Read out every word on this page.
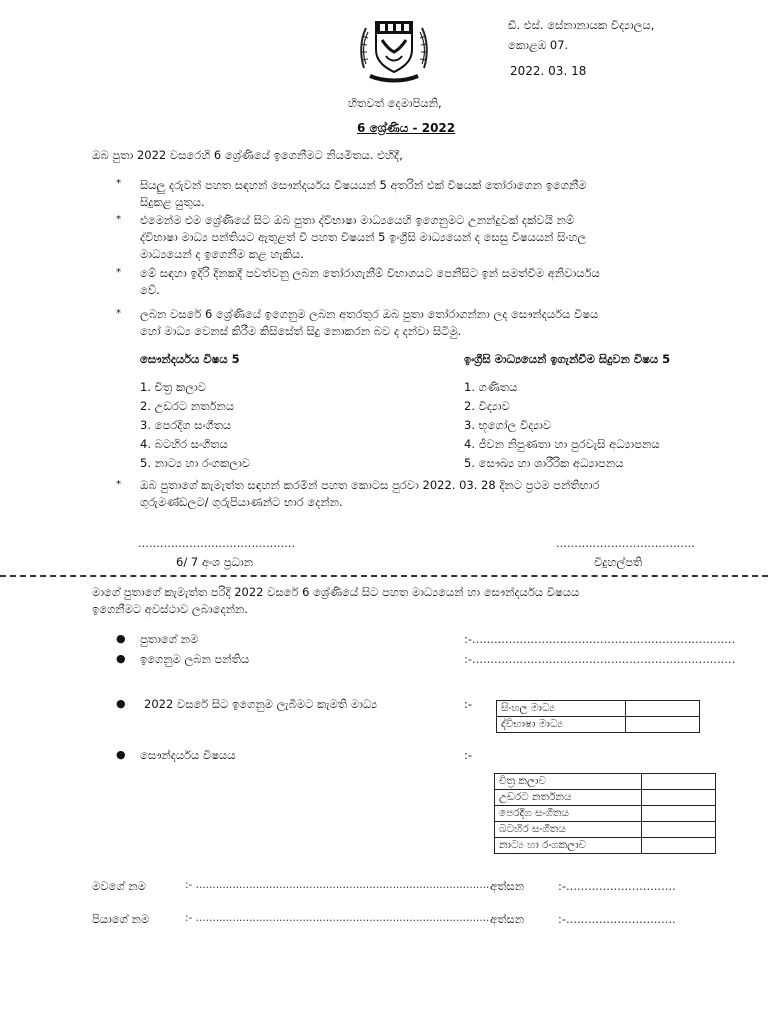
ඩී. එස්. සේනානායක විද්‍යාලය,
කොළඹ 07.
2022. 03. 18
හිතවත් දෙමාපියනි,
6 ශ්‍රේණිය - 2022
ඔබ පුතා 2022 වසරෙහි 6 ශ්‍රේණියේ ඉගෙනීමට නියමිතය. එහිදී,
* සියලු දරුවන් පහත සඳහන් සෞන්දර්යය විෂයයන් 5 අතරින් එක් විෂයක් තෝරාගෙන ඉගෙනීම
සිදුකළ යුතුය.
* එමෙන්ම එම ශ්‍රේණියේ සිට ඔබ පුතා ද්විභාෂා මාධ්‍යයෙහි ඉගෙනුමට උනන්දුවක් දක්වයි නම්
ද්විභාෂා මාධ්‍ය පන්තියට ඇතුළත් වී පහත විෂයන් 5 ඉංග්‍රීසි මාධ්‍යයෙන් ද සෙසු විෂයයන් සිංහල
මාධ්‍යයෙන් ද ඉගෙනීම කළ හැකිය.
* මේ සඳහා ඉදිරි දිනකදී පවත්වනු ලබන තෝරාගැනීම් විභාගයට පෙනීසිට ඉන් සමත්වීම අනිවාර්යය
වේ.
* ලබන වසරේ 6 ශ්‍රේණියේ ඉගෙනුම ලබන අතරතුර ඔබ පුතා තෝරාගන්නා ලද සෞන්දර්යය විෂය
හෝ මාධ්‍ය වෙනස් කිරීම කිසිසේත් සිදු නොකරන බව ද දන්වා සිටිමු.
සෞන්දර්යය විෂය 5
1. චිත්‍ර කලාව
2. උඩරට නර්තනය
3. පෙරදිග සංගීතය
4. බටහිර සංගීතය
5. නාට්‍ය හා රංගකලාව
ඉංග්‍රීසි මාධ්‍යයෙන් ඉගැන්වීම සිදුවන විෂය 5
1. ගණිතය
2. විද්‍යාව
3. භූගෝල විද්‍යාව
4. ජීවන නිපුණතා හා පුරවැසි අධ්‍යාපනය
5. සෞඛ්‍ය හා ශාරීරික අධ්‍යාපනය
* ඔබ පුතාගේ කැමැත්ත සඳහන් කරමින් පහත කොටස පුරවා 2022. 03. 28 දිනට ප්‍රථම පන්තිභාර
ගුරුමණ්ඩලට/ ගුරුපියාණන්ට භාර දෙන්න.
...........................................
6/ 7 අංශ ප්‍රධාන
......................................
විදුහල්පති
මාගේ පුතාගේ කැමැත්ත පරිදි 2022 වසරේ 6 ශ්‍රේණියේ සිට පහත මාධ්‍යයෙන් හා සෞන්දර්යය විෂයය
ඉගෙනීමට අවස්ථාව ලබාදෙන්න.
● පුතාගේ නම	:-........................................................................
● ඉගෙනුම ලබන පන්තිය	:-........................................................................
● 2022 වසරේ සිට ඉගෙනුම ලැබීමට කැමති මාධ්‍ය	:-	සිංහල මාධ්‍ය	
ද්විභාෂා මාධ්‍ය	
● සෞන්දර්යය විෂයය	:-
චිත්‍ර කලාව	
උඩරට නර්තනය	
පෙරදිග සංගීතය	
බටහිර සංගීතය	
නාට්‍ය හා රංගකලාව	
මවගේ නම	:- ........................................................................................ අත්සන	:-..............................
පියාගේ නම	:- ........................................................................................ අත්සන	:-..............................
